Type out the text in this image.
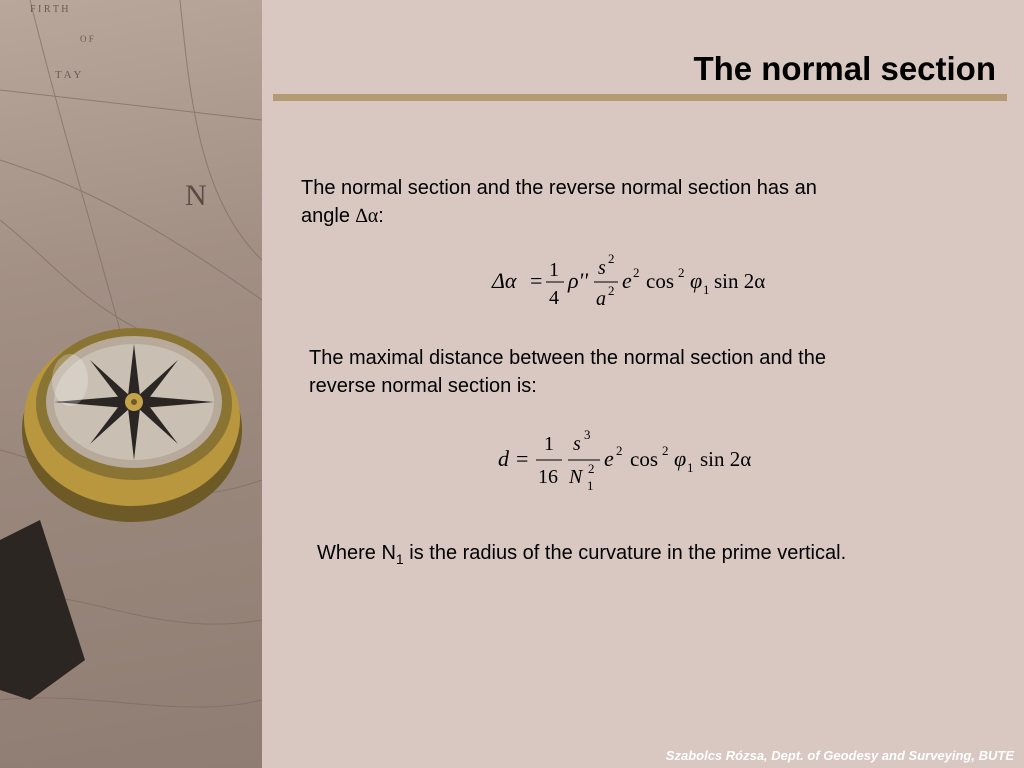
N
T A Y
O F
F I R T H
The normal section
The normal section and the reverse normal section has an
angle ∆α:
Δα = 1
4
ρ'' s 2
a 2 e 2 cos 2 φ 1 sin 2α
The maximal distance between the normal section and the
reverse normal section is:
d =
1
16
s 3
N 2
1
e 2 cos 2 φ 1 sin 2α
Where $N_1$ is the radius of the curvature in the prime vertical.
Szabolcs Rózsa, Dept. of Geodesy and Surveying, BUTE
